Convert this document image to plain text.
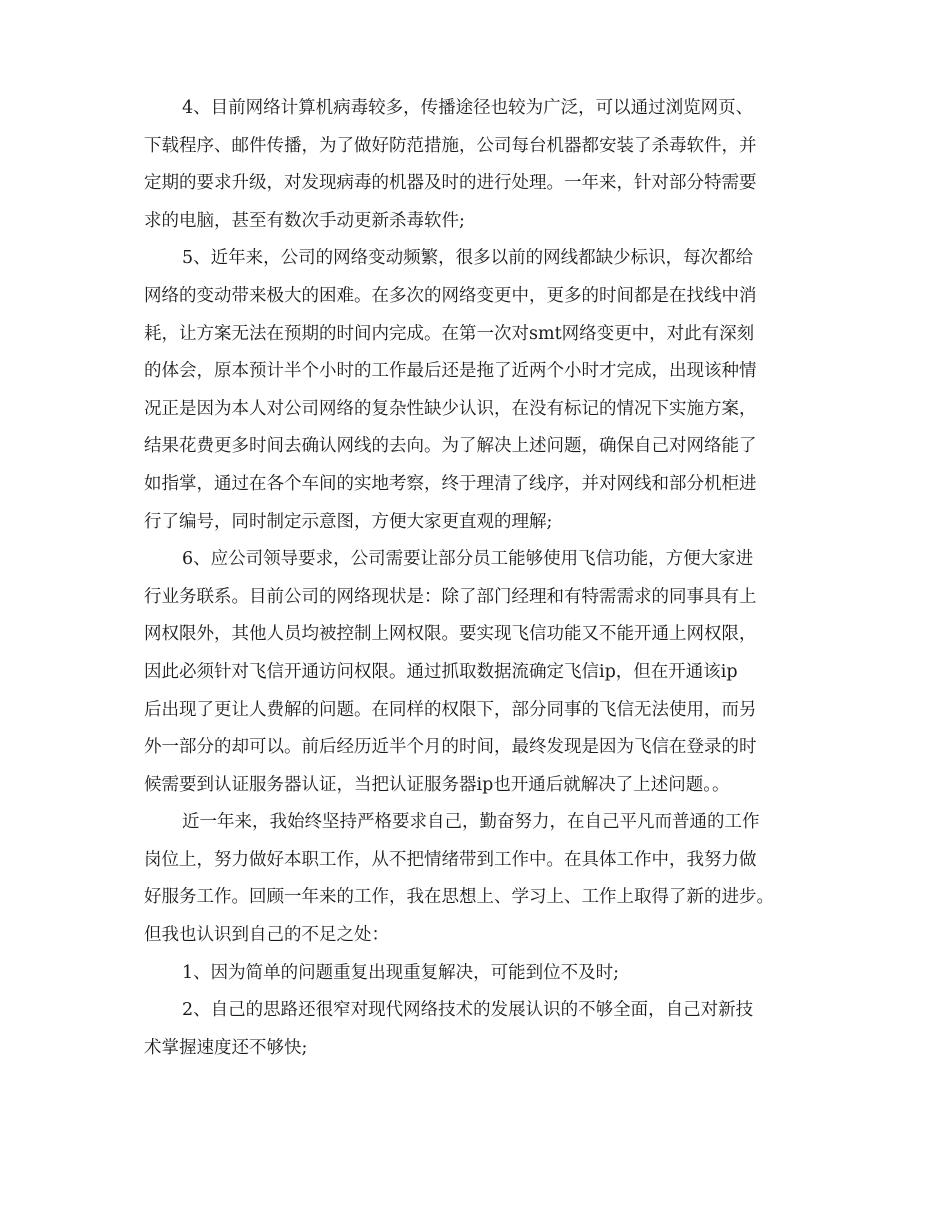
4、目前网络计算机病毒较多，传播途径也较为广泛，可以通过浏览网页、
下载程序、邮件传播，为了做好防范措施，公司每台机器都安装了杀毒软件，并
定期的要求升级，对发现病毒的机器及时的进行处理。一年来，针对部分特需要
求的电脑，甚至有数次手动更新杀毒软件;
5、近年来，公司的网络变动频繁，很多以前的网线都缺少标识，每次都给
网络的变动带来极大的困难。在多次的网络变更中，更多的时间都是在找线中消
耗，让方案无法在预期的时间内完成。在第一次对smt网络变更中，对此有深刻
的体会，原本预计半个小时的工作最后还是拖了近两个小时才完成，出现该种情
况正是因为本人对公司网络的复杂性缺少认识，在没有标记的情况下实施方案，
结果花费更多时间去确认网线的去向。为了解决上述问题，确保自己对网络能了
如指掌，通过在各个车间的实地考察，终于理清了线序，并对网线和部分机柜进
行了编号，同时制定示意图，方便大家更直观的理解;
6、应公司领导要求，公司需要让部分员工能够使用飞信功能，方便大家进
行业务联系。目前公司的网络现状是：除了部门经理和有特需需求的同事具有上
网权限外，其他人员均被控制上网权限。要实现飞信功能又不能开通上网权限，
因此必须针对飞信开通访问权限。通过抓取数据流确定飞信ip，但在开通该ip
后出现了更让人费解的问题。在同样的权限下，部分同事的飞信无法使用，而另
外一部分的却可以。前后经历近半个月的时间，最终发现是因为飞信在登录的时
候需要到认证服务器认证，当把认证服务器ip也开通后就解决了上述问题。。
近一年来，我始终坚持严格要求自己，勤奋努力，在自己平凡而普通的工作
岗位上，努力做好本职工作，从不把情绪带到工作中。在具体工作中，我努力做
好服务工作。回顾一年来的工作，我在思想上、学习上、工作上取得了新的进步。
但我也认识到自己的不足之处：
1、因为简单的问题重复出现重复解决，可能到位不及时;
2、自己的思路还很窄对现代网络技术的发展认识的不够全面，自己对新技
术掌握速度还不够快;
